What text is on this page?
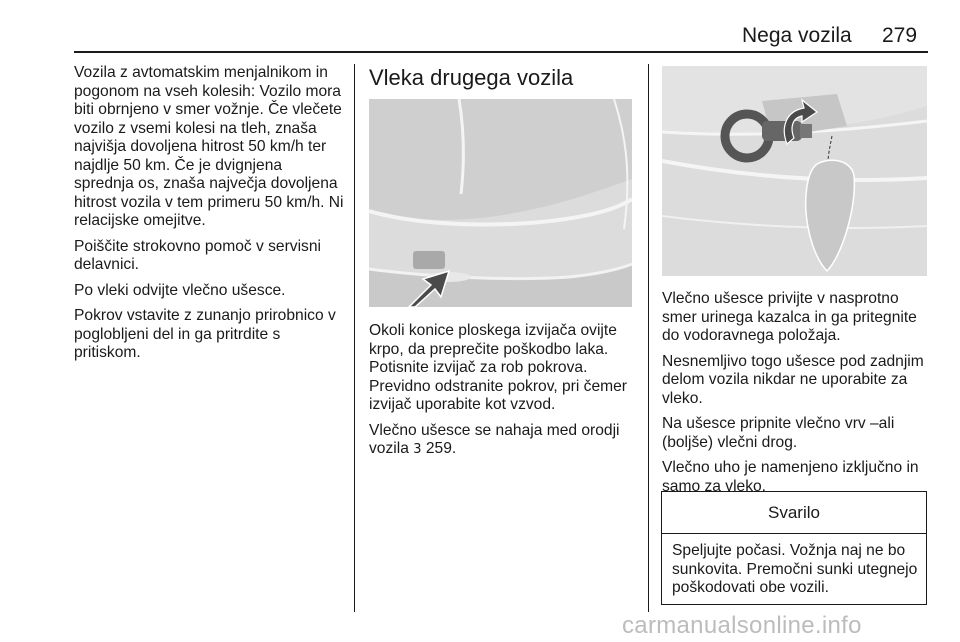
Nega vozila 279

Vozila z avtomatskim menjalnikom in pogonom na vseh kolesih: Vozilo mora biti obrnjeno v smer vožnje. Če vlečete vozilo z vsemi kolesi na tleh, znaša najvišja dovoljena hitrost 50 km/h ter najdlje 50 km. Če je dvignjena sprednja os, znaša največja dovoljena hitrost vozila v tem primeru 50 km/h. Ni relacijske omejitve.

Poiščite strokovno pomoč v servisni delavnici.

Po vleki odvijte vlečno ušesce.

Pokrov vstavite z zunanjo prirobnico v poglobljeni del in ga pritrdite s pritiskom.

Vleka drugega vozila

Okoli konice ploskega izvijača ovijte krpo, da preprečite poškodbo laka. Potisnite izvijač za rob pokrova. Previdno odstranite pokrov, pri čemer izvijač uporabite kot vzvod.

Vlečno ušesce se nahaja med orodji vozila 3 259.

Vlečno ušesce privijte v nasprotno smer urinega kazalca in ga pritegnite do vodoravnega položaja.

Nesnemljivo togo ušesce pod zadnjim delom vozila nikdar ne uporabite za vleko.

Na ušesce pripnite vlečno vrv –ali (boljše) vlečni drog.

Vlečno uho je namenjeno izključno in samo za vleko.

Svarilo
Speljujte počasi. Vožnja naj ne bo sunkovita. Premočni sunki utegnejo poškodovati obe vozili.
carmanualsonline.info
